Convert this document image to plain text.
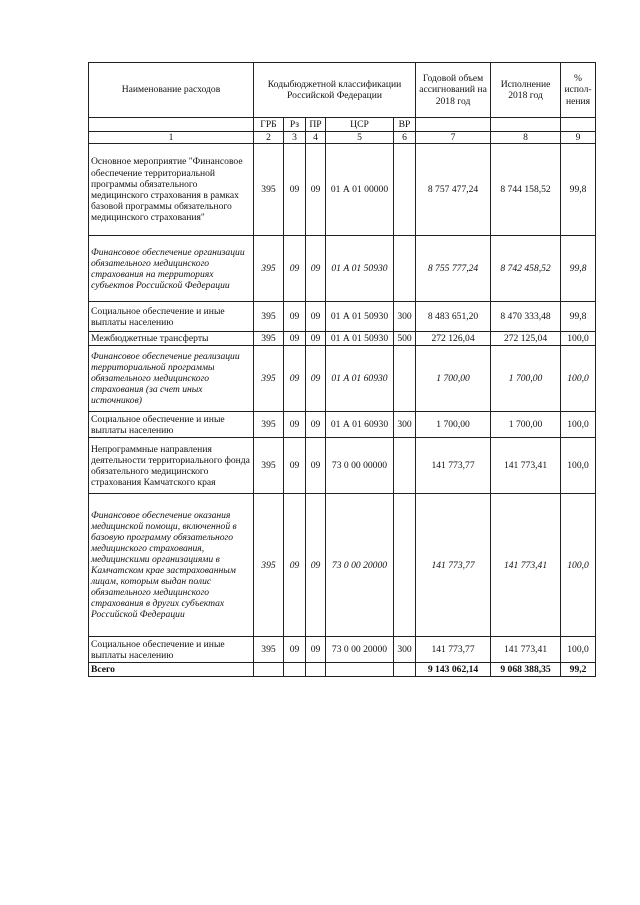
Наименование расходов	Кодыбюджетной классификации Российской Федерации					Годовой объем ассигнований на 2018 год	Исполнение 2018 год	% испол-нения
	ГРБ	Рз	ПР	ЦСР	ВР			
1	2	3	4	5	6	7	8	9
Основное мероприятие "Финансовое обеспечение территориальной программы обязательного медицинского страхования в рамках базовой программы обязательного медицинского страхования"	395	09	09	01 А 01 00000		8 757 477,24	8 744 158,52	99,8
Финансовое обеспечение организации обязательного медицинского страхования на территориях субъектов Российской Федерации	395	09	09	01 А 01 50930		8 755 777,24	8 742 458,52	99,8
Социальное обеспечение и иные выплаты населению	395	09	09	01 А 01 50930	300	8 483 651,20	8 470 333,48	99,8
Межбюджетные трансферты	395	09	09	01 А 01 50930	500	272 126,04	272 125,04	100,0
Финансовое обеспечение реализации территориальной программы обязательного медицинского страхования (за счет иных источников)	395	09	09	01 А 01 60930		1 700,00	1 700,00	100,0
Социальное обеспечение и иные выплаты населению	395	09	09	01 А 01 60930	300	1 700,00	1 700,00	100,0
Непрограммные направления деятельности территориального фонда обязательного медицинского страхования Камчатского края	395	09	09	73 0 00 00000		141 773,77	141 773,41	100,0
Финансовое обеспечение оказания медицинской помощи, включенной в базовую программу обязательного медицинского страхования, медицинскими организациями в Камчатском крае застрахованным лицам, которым выдан полис обязательного медицинского страхования в других субъектах Российской Федерации	395	09	09	73 0 00 20000		141 773,77	141 773,41	100,0
Социальное обеспечение и иные выплаты населению	395	09	09	73 0 00 20000	300	141 773,77	141 773,41	100,0
Всего						9 143 062,14	9 068 388,35	99,2
